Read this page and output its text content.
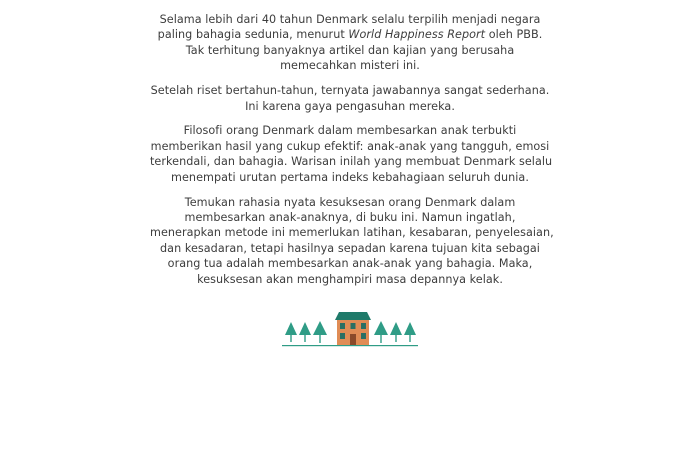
Selama lebih dari 40 tahun Denmark selalu terpilih menjadi negara
paling bahagia sedunia, menurut World Happiness Report oleh PBB.
Tak terhitung banyaknya artikel dan kajian yang berusaha
memecahkan misteri ini.

Setelah riset bertahun-tahun, ternyata jawabannya sangat sederhana.
Ini karena gaya pengasuhan mereka.

Filosofi orang Denmark dalam membesarkan anak terbukti
memberikan hasil yang cukup efektif: anak-anak yang tangguh, emosi
terkendali, dan bahagia. Warisan inilah yang membuat Denmark selalu
menempati urutan pertama indeks kebahagiaan seluruh dunia.

Temukan rahasia nyata kesuksesan orang Denmark dalam
membesarkan anak-anaknya, di buku ini. Namun ingatlah,
menerapkan metode ini memerlukan latihan, kesabaran, penyelesaian,
dan kesadaran, tetapi hasilnya sepadan karena tujuan kita sebagai
orang tua adalah membesarkan anak-anak yang bahagia. Maka,
kesuksesan akan menghampiri masa depannya kelak.
